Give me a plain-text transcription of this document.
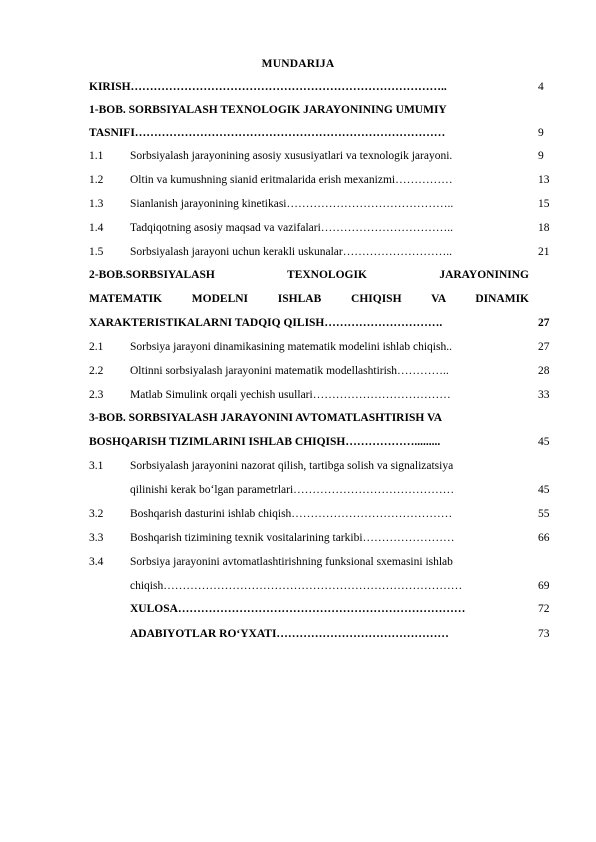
MUNDARIJA
KIRISH………………………………………………………………………..	4
1-BOB. SORBSIYALASH TEXNOLOGIK JARAYONINING UMUMIY
TASNIFI………………………………………………………………………	9
1.1 Sorbsiyalash jarayonining asosiy xususiyatlari va texnologik jarayoni.	9
1.2 Oltin va kumushning sianid eritmalarida erish mexanizmi……………	13
1.3 Sianlanish jarayonining kinetikasi……………………………………..	15
1.4 Tadqiqotning asosiy maqsad va vazifalari……………………………..	18
1.5 Sorbsiyalash jarayoni uchun kerakli uskunalar………………………..	21
2-BOB.SORBSIYALASH TEXNOLOGIK JARAYONINING
MATEMATIK MODELNI ISHLAB CHIQISH VA DINAMIK
XARAKTERISTIKALARNI TADQIQ QILISH………………………….	27
2.1 Sorbsiya jarayoni dinamikasining matematik modelini ishlab chiqish..	27
2.2 Oltinni sorbsiyalash jarayonini matematik modellashtirish…………..	28
2.3 Matlab Simulink orqali yechish usullari………………………………	33
3-BOB. SORBSIYALASH JARAYONINI AVTOMATLASHTIRISH VA
BOSHQARISH TIZIMLARINI ISHLAB CHIQISH……………….........	45
3.1 Sorbsiyalash jarayonini nazorat qilish, tartibga solish va signalizatsiya
qilinishi kerak bo‘lgan parametrlari……………………………………	45
3.2 Boshqarish dasturini ishlab chiqish……………………………………	55
3.3 Boshqarish tizimining texnik vositalarining tarkibi……………………	66
3.4 Sorbsiya jarayonini avtomatlashtirishning funksional sxemasini ishlab
chiqish……………………………………………………………………	69
XULOSA…………………………………………………………………	72
ADABIYOTLAR RO‘YXATI………………………………………	73
